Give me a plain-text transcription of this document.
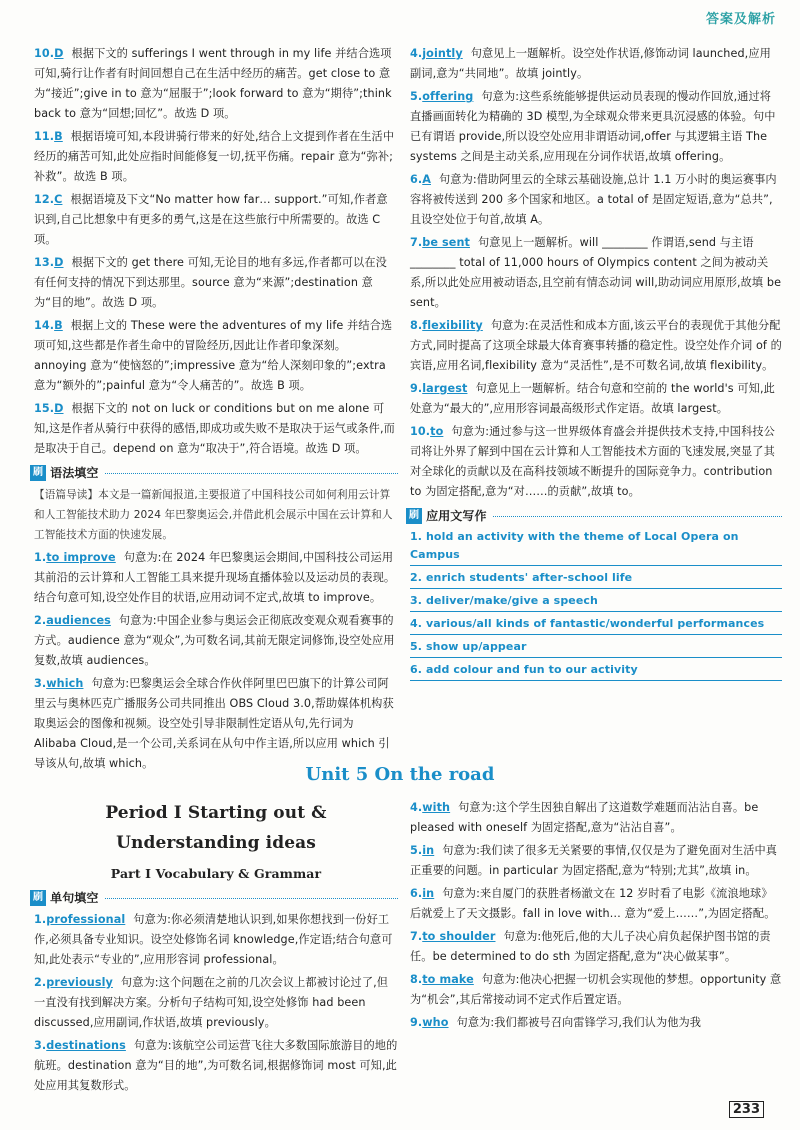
答案及解析
10.D 根据下文的 sufferings I went through in my life 并结合选项可知,骑行让作者有时间回想自己在生活中经历的痛苦。get close to 意为“接近”;give in to 意为“屈服于”;look forward to 意为“期待”;think back to 意为“回想;回忆”。故选 D 项。
11.B 根据语境可知,本段讲骑行带来的好处,结合上文提到作者在生活中经历的痛苦可知,此处应指时间能修复一切,抚平伤痛。repair 意为“弥补;补救”。故选 B 项。
12.C 根据语境及下文“No matter how far… support.”可知,作者意识到,自己比想象中有更多的勇气,这是在这些旅行中所需要的。故选 C 项。
13.D 根据下文的 get there 可知,无论目的地有多远,作者都可以在没有任何支持的情况下到达那里。source 意为“来源”;destination 意为“目的地”。故选 D 项。
14.B 根据上文的 These were the adventures of my life 并结合选项可知,这些都是作者生命中的冒险经历,因此让作者印象深刻。annoying 意为“使恼怒的”;impressive 意为“给人深刻印象的”;extra 意为“额外的”;painful 意为“令人痛苦的”。故选 B 项。
15.D 根据下文的 not on luck or conditions but on me alone 可知,这是作者从骑行中获得的感悟,即成功或失败不是取决于运气或条件,而是取决于自己。depend on 意为“取决于”,符合语境。故选 D 项。
刷 语法填空
【语篇导读】本文是一篇新闻报道,主要报道了中国科技公司如何利用云计算和人工智能技术助力 2024 年巴黎奥运会,并借此机会展示中国在云计算和人工智能技术方面的快速发展。
1.to improve 句意为:在 2024 年巴黎奥运会期间,中国科技公司运用其前沿的云计算和人工智能工具来提升现场直播体验以及运动员的表现。结合句意可知,设空处作目的状语,应用动词不定式,故填 to improve。
2.audiences 句意为:中国企业参与奥运会正彻底改变观众观看赛事的方式。audience 意为“观众”,为可数名词,其前无限定词修饰,设空处应用复数,故填 audiences。
3.which 句意为:巴黎奥运会全球合作伙伴阿里巴巴旗下的计算公司阿里云与奥林匹克广播服务公司共同推出 OBS Cloud 3.0,帮助媒体机构获取奥运会的图像和视频。设空处引导非限制性定语从句,先行词为 Alibaba Cloud,是一个公司,关系词在从句中作主语,所以应用 which 引导该从句,故填 which。
4.jointly 句意见上一题解析。设空处作状语,修饰动词 launched,应用副词,意为“共同地”。故填 jointly。
5.offering 句意为:这些系统能够提供运动员表现的慢动作回放,通过将直播画面转化为精确的 3D 模型,为全球观众带来更具沉浸感的体验。句中已有谓语 provide,所以设空处应用非谓语动词,offer 与其逻辑主语 The systems 之间是主动关系,应用现在分词作状语,故填 offering。
6.A 句意为:借助阿里云的全球云基础设施,总计 1.1 万小时的奥运赛事内容将被传送到 200 多个国家和地区。a total of 是固定短语,意为“总共”,且设空处位于句首,故填 A。
7.be sent 句意见上一题解析。will ________ 作谓语,send 与主语 ________ total of 11,000 hours of Olympics content 之间为被动关系,所以此处应用被动语态,且空前有情态动词 will,助动词应用原形,故填 be sent。
8.flexibility 句意为:在灵活性和成本方面,该云平台的表现优于其他分配方式,同时提高了这项全球最大体育赛事转播的稳定性。设空处作介词 of 的宾语,应用名词,flexibility 意为“灵活性”,是不可数名词,故填 flexibility。
9.largest 句意见上一题解析。结合句意和空前的 the world's 可知,此处意为“最大的”,应用形容词最高级形式作定语。故填 largest。
10.to 句意为:通过参与这一世界级体育盛会并提供技术支持,中国科技公司将让外界了解到中国在云计算和人工智能技术方面的飞速发展,突显了其对全球化的贡献以及在高科技领域不断提升的国际竞争力。contribution to 为固定搭配,意为“对……的贡献”,故填 to。
刷 应用文写作
1. hold an activity with the theme of Local Opera on Campus
2. enrich students' after-school life
3. deliver/make/give a speech
4. various/all kinds of fantastic/wonderful performances
5. show up/appear
6. add colour and fun to our activity
Unit 5 On the road
Period Ⅰ Starting out &
Understanding ideas
Part Ⅰ Vocabulary & Grammar
刷 单句填空
1.professional 句意为:你必须清楚地认识到,如果你想找到一份好工作,必须具备专业知识。设空处修饰名词 knowledge,作定语;结合句意可知,此处表示“专业的”,应用形容词 professional。
2.previously 句意为:这个问题在之前的几次会议上都被讨论过了,但一直没有找到解决方案。分析句子结构可知,设空处修饰 had been discussed,应用副词,作状语,故填 previously。
3.destinations 句意为:该航空公司运营飞往大多数国际旅游目的地的航班。destination 意为“目的地”,为可数名词,根据修饰词 most 可知,此处应用其复数形式。
4.with 句意为:这个学生因独自解出了这道数学难题而沾沾自喜。be pleased with oneself 为固定搭配,意为“沾沾自喜”。
5.in 句意为:我们读了很多无关紧要的事情,仅仅是为了避免面对生活中真正重要的问题。in particular 为固定搭配,意为“特别;尤其”,故填 in。
6.in 句意为:来自厦门的获胜者杨澈文在 12 岁时看了电影《流浪地球》后就爱上了天文摄影。fall in love with… 意为“爱上……”,为固定搭配。
7.to shoulder 句意为:他死后,他的大儿子决心肩负起保护图书馆的责任。be determined to do sth 为固定搭配,意为“决心做某事”。
8.to make 句意为:他决心把握一切机会实现他的梦想。opportunity 意为“机会”,其后常接动词不定式作后置定语。
9.who 句意为:我们都被号召向雷锋学习,我们认为他为我
233
